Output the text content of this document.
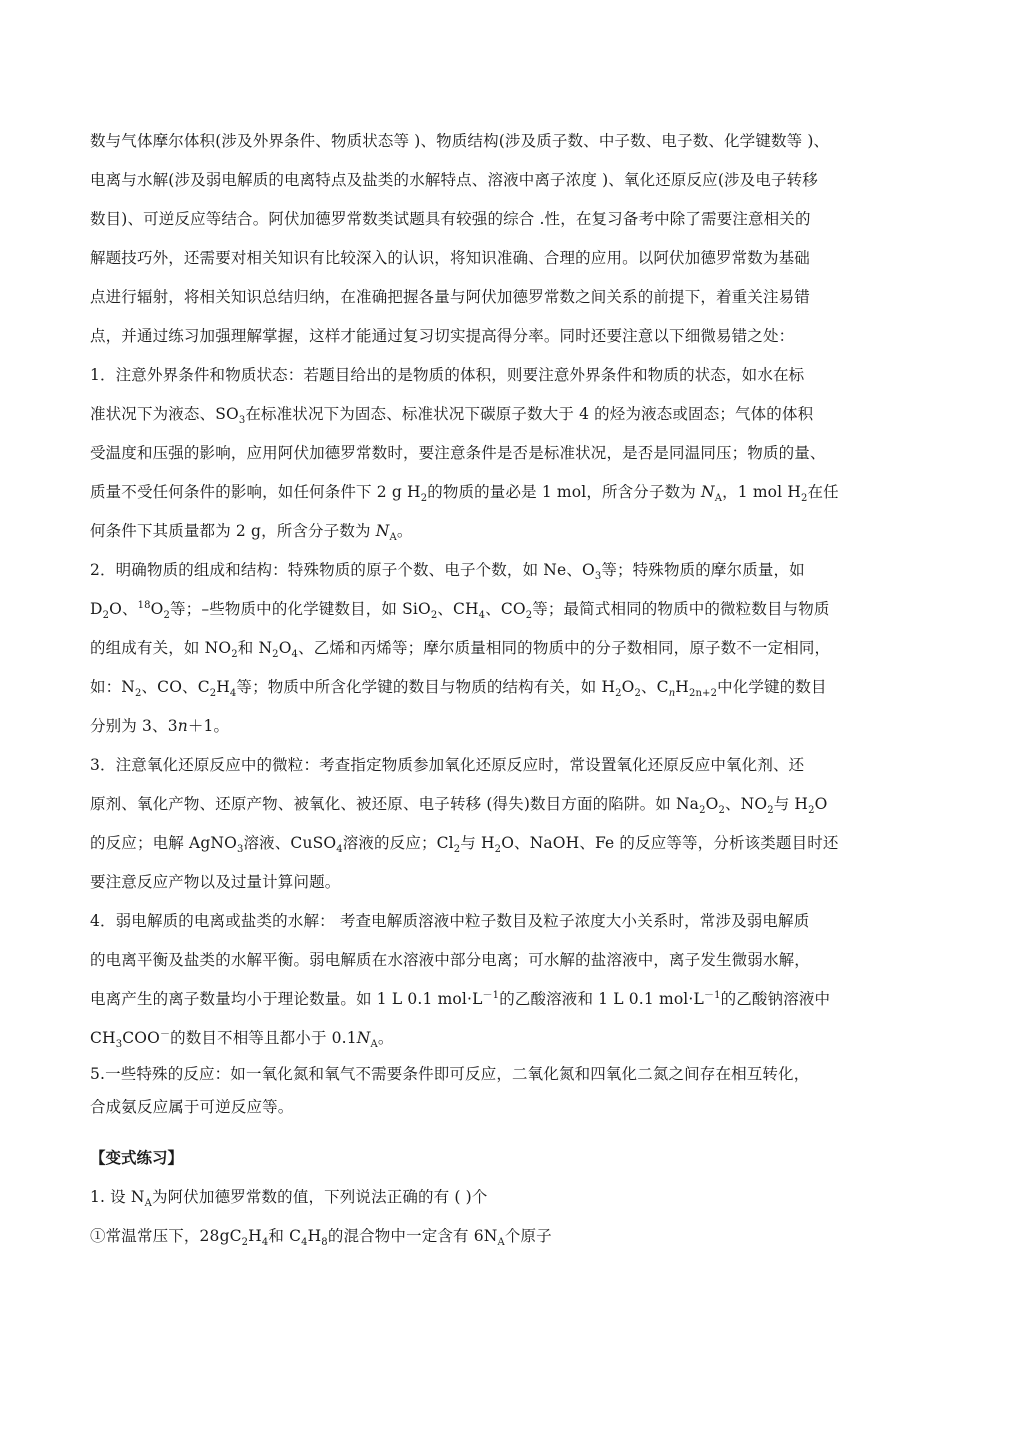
数与气体摩尔体积(涉及外界条件、物质状态等 )、物质结构(涉及质子数、中子数、电子数、化学键数等 )、

电离与水解(涉及弱电解质的电离特点及盐类的水解特点、溶液中离子浓度 )、氧化还原反应(涉及电子转移

数目)、可逆反应等结合。阿伏加德罗常数类试题具有较强的综合 .性，在复习备考中除了需要注意相关的

解题技巧外，还需要对相关知识有比较深入的认识，将知识准确、合理的应用。以阿伏加德罗常数为基础

点进行辐射，将相关知识总结归纳，在准确把握各量与阿伏加德罗常数之间关系的前提下，着重关注易错

点，并通过练习加强理解掌握，这样才能通过复习切实提高得分率。同时还要注意以下细微易错之处：

1．注意外界条件和物质状态：若题目给出的是物质的体积，则要注意外界条件和物质的状态，如水在标

准状况下为液态、$SO_3$在标准状况下为固态、标准状况下碳原子数大于 4 的烃为液态或固态；气体的体积

受温度和压强的影响，应用阿伏加德罗常数时，要注意条件是否是标准状况，是否是同温同压；物质的量、

质量不受任何条件的影响，如任何条件下 2 g $H_2$的物质的量必是 1 mol，所含分子数为 $N_A$，1 mol $H_2$在任

何条件下其质量都为 2 g，所含分子数为 $N_A$。

2．明确物质的组成和结构：特殊物质的原子个数、电子个数，如 Ne、$O_3$等；特殊物质的摩尔质量，如

$D_2O$、$^{18}O_2$等；–些物质中的化学键数目，如 SiO$_2$、$CH_4$、$CO_2$等；最简式相同的物质中的微粒数目与物质

的组成有关，如 $NO_2$和 $N_2O_4$、乙烯和丙烯等；摩尔质量相同的物质中的分子数相同，原子数不一定相同，

如：$N_2$、CO、$C_2H_4$等；物质中所含化学键的数目与物质的结构有关，如 $H_2O_2$、$C_nH_{2n+2}$中化学键的数目

分别为 3、3n＋1。

3．注意氧化还原反应中的微粒：考查指定物质参加氧化还原反应时，常设置氧化还原反应中氧化剂、还

原剂、氧化产物、还原产物、被氧化、被还原、电子转移 (得失)数目方面的陷阱。如 $Na_2O_2$、$NO_2$与 $H_2O$

的反应；电解 AgNO$_3$溶液、CuSO$_4$溶液的反应；$Cl_2$与 $H_2O$、NaOH、Fe 的反应等等，分析该类题目时还

要注意反应产物以及过量计算问题。

4．弱电解质的电离或盐类的水解： 考查电解质溶液中粒子数目及粒子浓度大小关系时，常涉及弱电解质

的电离平衡及盐类的水解平衡。弱电解质在水溶液中部分电离；可水解的盐溶液中，离子发生微弱水解，

电离产生的离子数量均小于理论数量。如 1 L 0.1 $mol\cdot L^{-1}$的乙酸溶液和 1 L 0.1 $mol\cdot L^{-1}$的乙酸钠溶液中

$CH_3COO^-$的数目不相等且都小于 $0.1N_A$。

5.一些特殊的反应：如一氧化氮和氧气不需要条件即可反应，二氧化氮和四氧化二氮之间存在相互转化，

合成氨反应属于可逆反应等。

【变式练习】

1. 设 $N_A$为阿伏加德罗常数的值，下列说法正确的有 ( )个

①常温常压下，$28gC_2H_4$和 $C_4H_8$的混合物中一定含有 $6N_A$个原子
